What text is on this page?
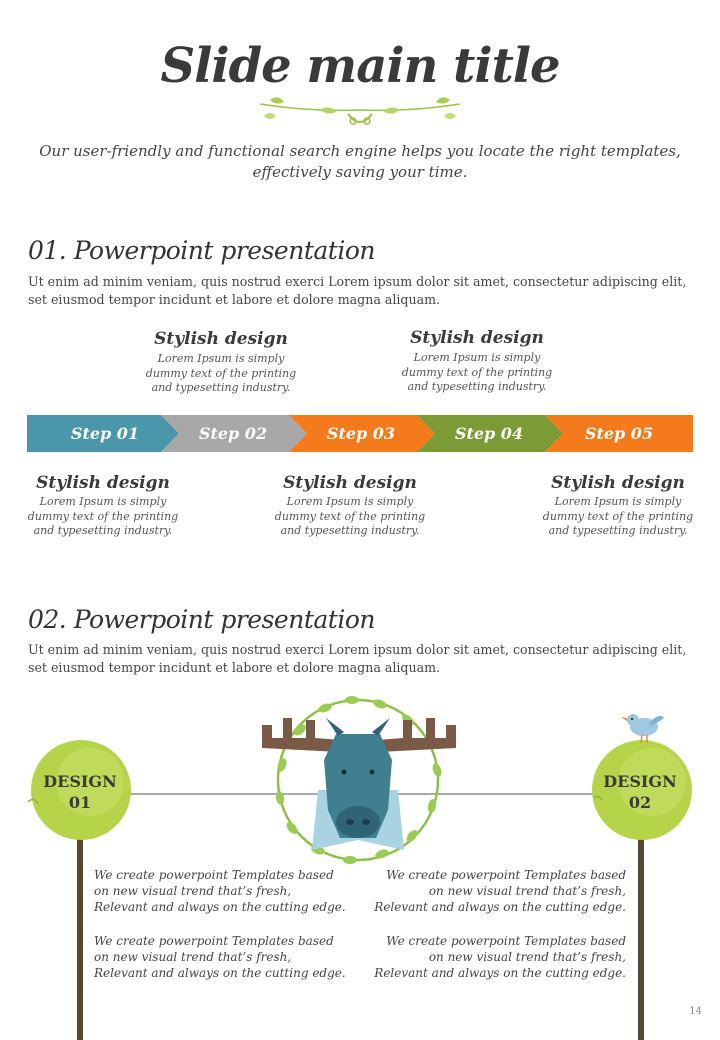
Slide main title
Our user-friendly and functional search engine helps you locate the right templates,
effectively saving your time.
01. Powerpoint presentation
Ut enim ad minim veniam, quis nostrud exerci Lorem ipsum dolor sit amet, consectetur adipiscing elit,
set eiusmod tempor incidunt et labore et dolore magna aliquam.
Stylish design
Lorem Ipsum is simply
dummy text of the printing
and typesetting industry.
Stylish design
Lorem Ipsum is simply
dummy text of the printing
and typesetting industry.
Step 01	Step 02	Step 03	Step 04	Step 05
Stylish design
Lorem Ipsum is simply
dummy text of the printing
and typesetting industry.
Stylish design
Lorem Ipsum is simply
dummy text of the printing
and typesetting industry.
Stylish design
Lorem Ipsum is simply
dummy text of the printing
and typesetting industry.
02. Powerpoint presentation
Ut enim ad minim veniam, quis nostrud exerci Lorem ipsum dolor sit amet, consectetur adipiscing elit,
set eiusmod tempor incidunt et labore et dolore magna aliquam.
DESIGN
01
DESIGN
02
We create powerpoint Templates based
on new visual trend that’s fresh,
Relevant and always on the cutting edge.
We create powerpoint Templates based
on new visual trend that’s fresh,
Relevant and always on the cutting edge.
We create powerpoint Templates based
on new visual trend that’s fresh,
Relevant and always on the cutting edge.
We create powerpoint Templates based
on new visual trend that’s fresh,
Relevant and always on the cutting edge.
14
